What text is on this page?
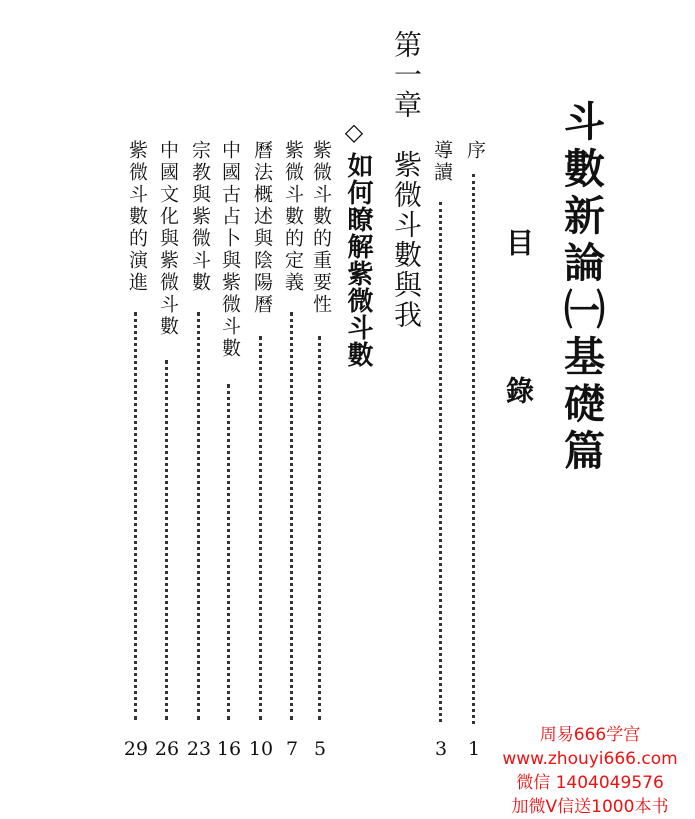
斗數新論㈠基礎篇
目
錄
第一章
紫微斗數與我
◇
如何瞭解紫微斗數
序
1
導讀
3
紫微斗數的重要性
5
紫微斗數的定義
7
曆法概述與陰陽曆
10
中國古占卜與紫微斗數
16
宗教與紫微斗數
23
中國文化與紫微斗數
26
紫微斗數的演進
29
周易666学宫
www.zhouyi666.com
微信 1404049576
加微V信送1000本书
